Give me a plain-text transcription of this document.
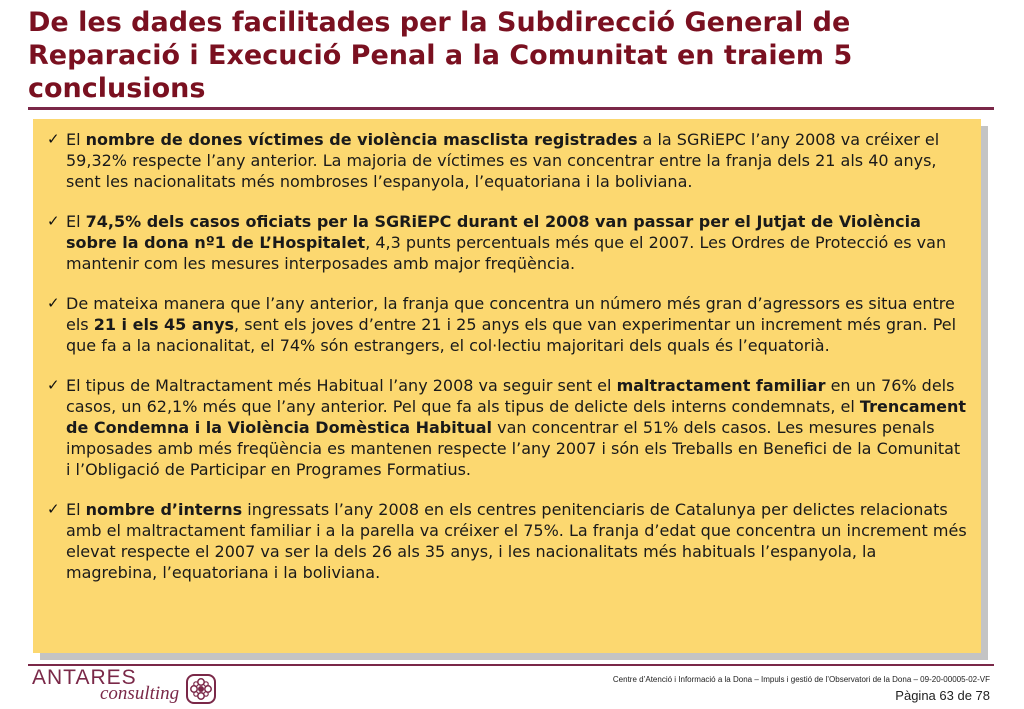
De les dades facilitades per la Subdirecció General de Reparació i Execució Penal a la Comunitat en traiem 5 conclusions
✓ El nombre de dones víctimes de violència masclista registrades a la SGRiEPC l’any 2008 va créixer el 59,32% respecte l’any anterior. La majoria de víctimes es van concentrar entre la franja dels 21 als 40 anys, sent les nacionalitats més nombroses l’espanyola, l’equatoriana i la boliviana.
✓ El 74,5% dels casos oficiats per la SGRiEPC durant el 2008 van passar per el Jutjat de Violència sobre la dona nº1 de L’Hospitalet, 4,3 punts percentuals més que el 2007. Les Ordres de Protecció es van mantenir com les mesures interposades amb major freqüència.
✓ De mateixa manera que l’any anterior, la franja que concentra un número més gran d’agressors es situa entre els 21 i els 45 anys, sent els joves d’entre 21 i 25 anys els que van experimentar un increment més gran. Pel que fa a la nacionalitat, el 74% són estrangers, el col·lectiu majoritari dels quals és l’equatorià.
✓ El tipus de Maltractament més Habitual l’any 2008 va seguir sent el maltractament familiar en un 76% dels casos, un 62,1% més que l’any anterior. Pel que fa als tipus de delicte dels interns condemnats, el Trencament de Condemna i la Violència Domèstica Habitual van concentrar el 51% dels casos. Les mesures penals imposades amb més freqüència es mantenen respecte l’any 2007 i són els Treballs en Benefici de la Comunitat i l’Obligació de Participar en Programes Formatius.
✓ El nombre d’interns ingressats l’any 2008 en els centres penitenciaris de Catalunya per delictes relacionats amb el maltractament familiar i a la parella va créixer el 75%. La franja d’edat que concentra un increment més elevat respecte el 2007 va ser la dels 26 als 35 anys, i les nacionalitats més habituals l’espanyola, la magrebina, l’equatoriana i la boliviana.
ANTARES
consulting
Centre d’Atenció i Informació a la Dona – Impuls i gestió de l’Observatori de la Dona – 09-20-00005-02-VF
Pàgina 63 de 78
